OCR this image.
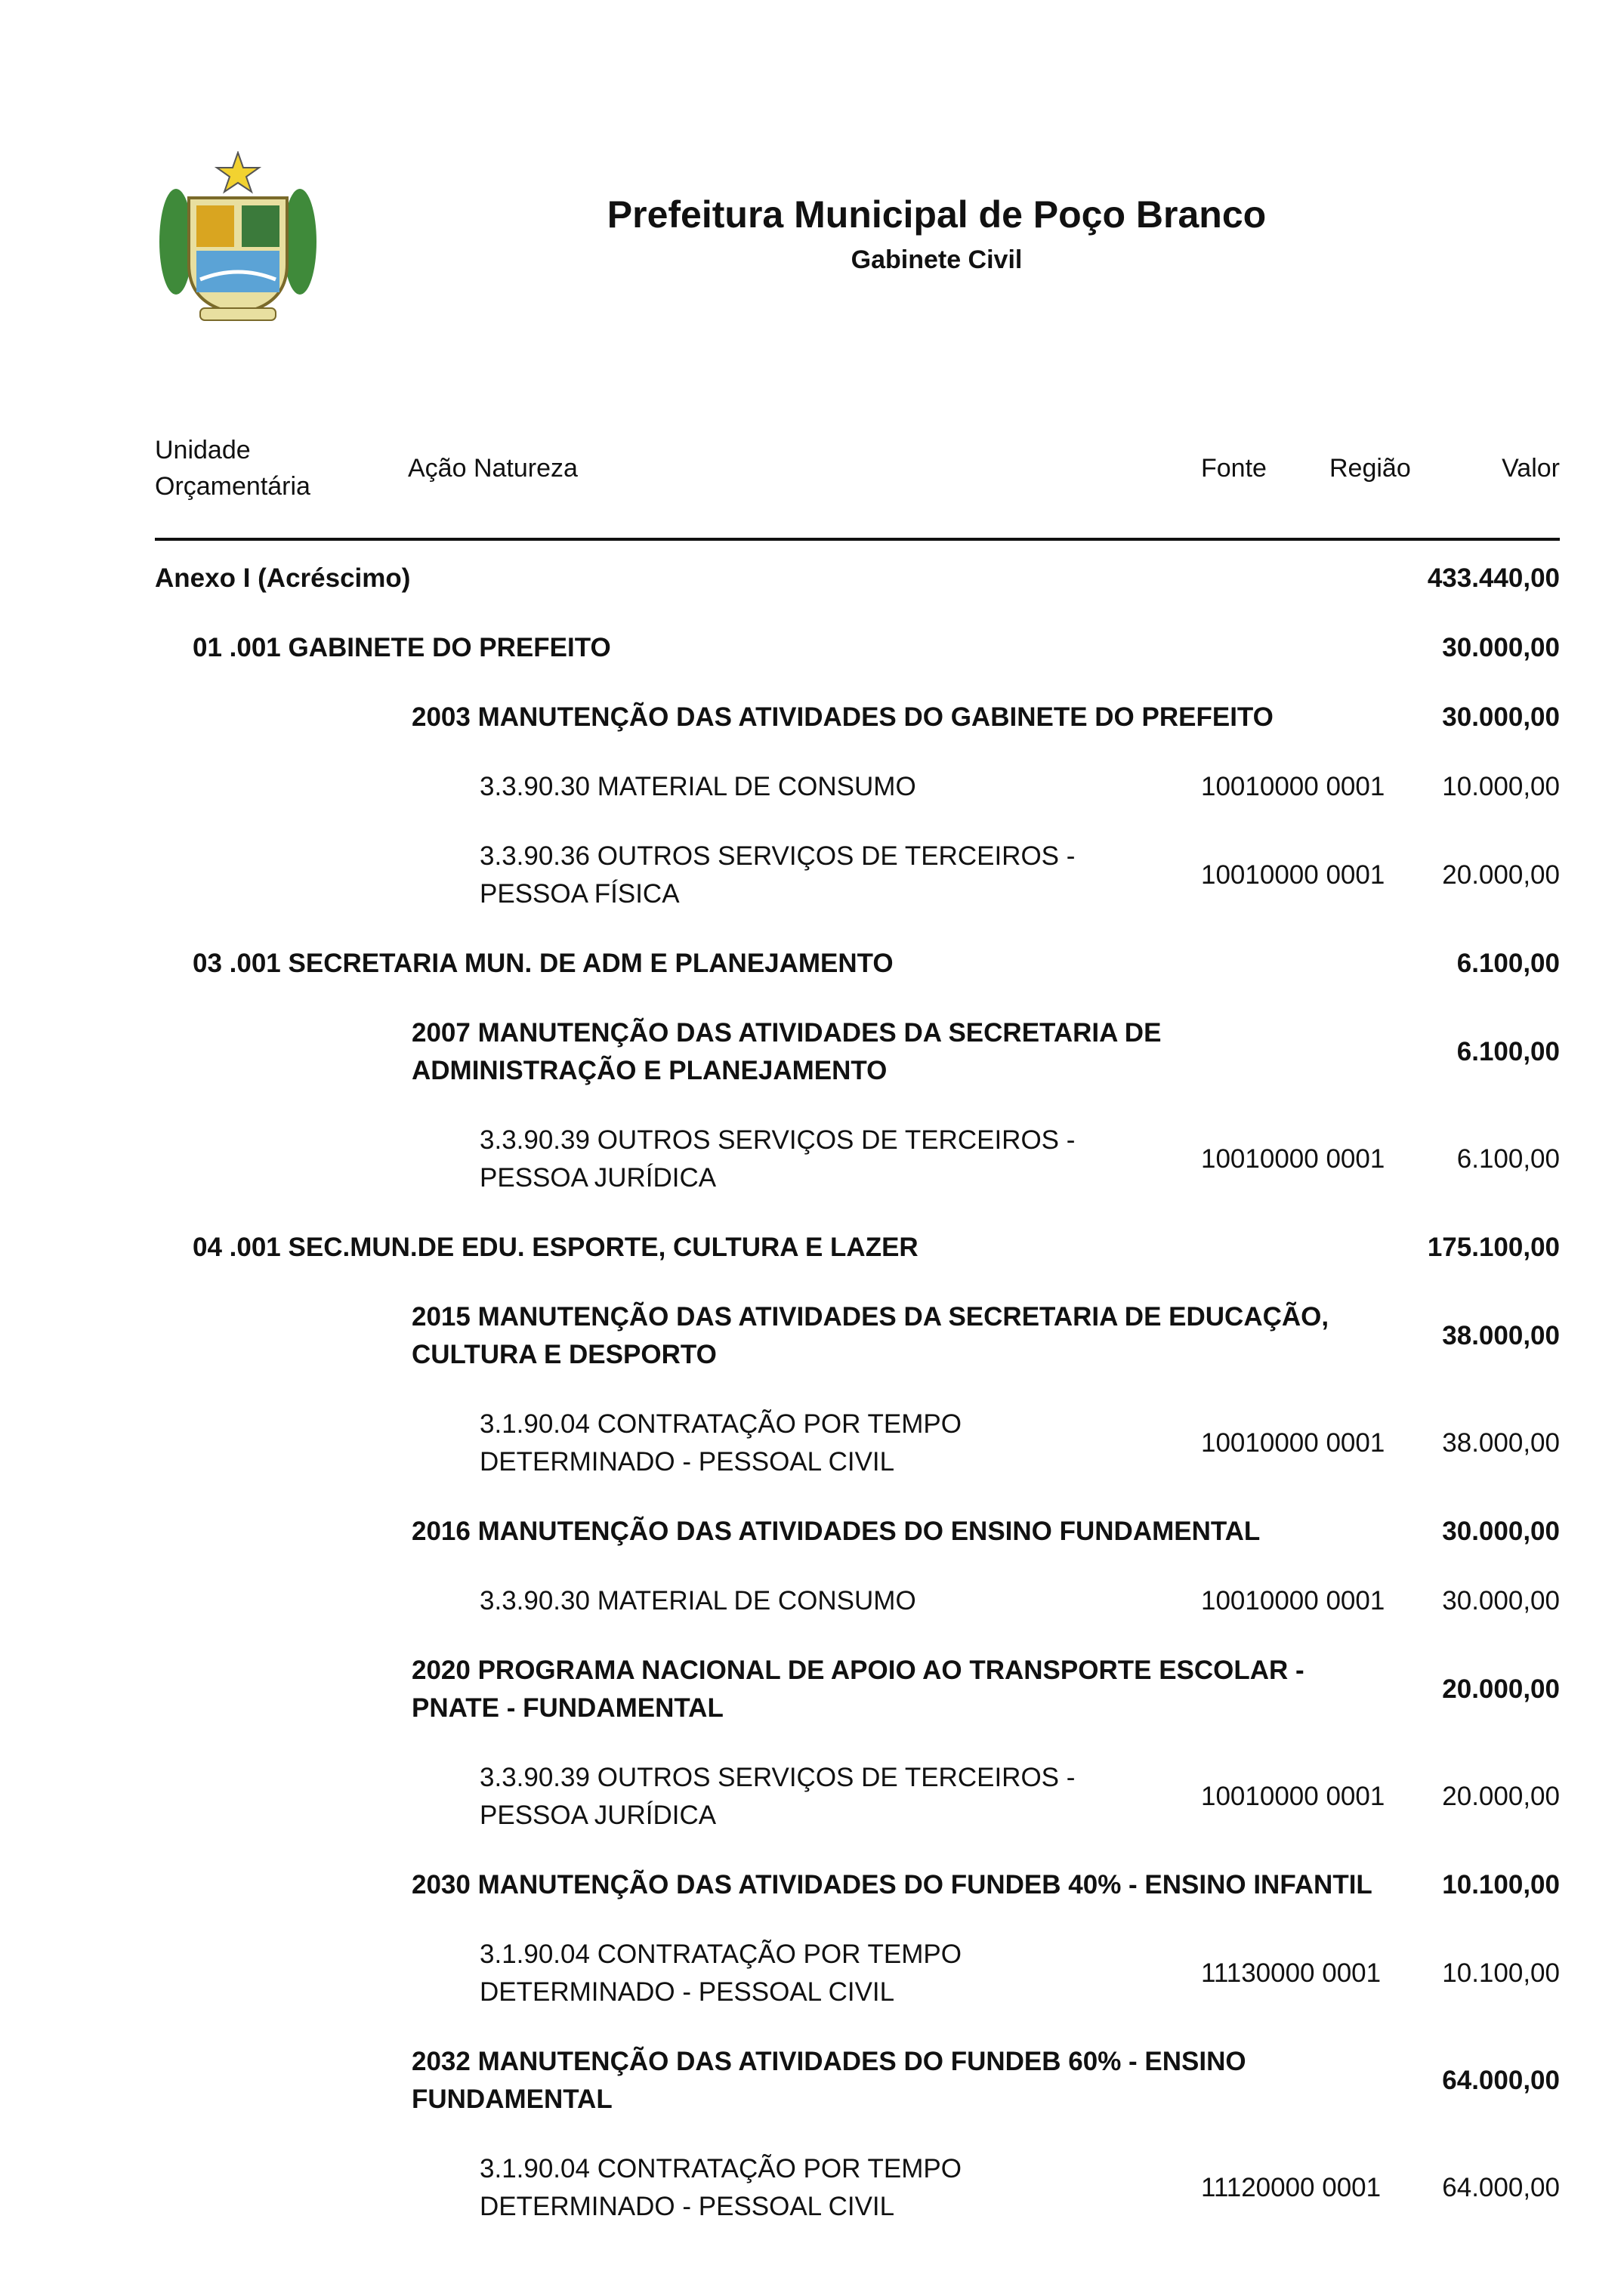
Prefeitura Municipal de Poço Branco
Gabinete Civil
Unidade
Orçamentária
Ação Natureza	Fonte Região	Valor
Anexo I (Acréscimo)	433.440,00
01 .001 GABINETE DO PREFEITO	30.000,00
2003 MANUTENÇÃO DAS ATIVIDADES DO GABINETE DO PREFEITO	30.000,00
3.3.90.30 MATERIAL DE CONSUMO	10010000 0001 10.000,00
3.3.90.36 OUTROS SERVIÇOS DE TERCEIROS -
PESSOA FÍSICA
10010000 0001 20.000,00
03 .001 SECRETARIA MUN. DE ADM E PLANEJAMENTO	6.100,00
2007 MANUTENÇÃO DAS ATIVIDADES DA SECRETARIA DE
ADMINISTRAÇÃO E PLANEJAMENTO
6.100,00
3.3.90.39 OUTROS SERVIÇOS DE TERCEIROS -
PESSOA JURÍDICA
10010000 0001	6.100,00
04 .001 SEC.MUN.DE EDU. ESPORTE, CULTURA E LAZER	175.100,00
2015 MANUTENÇÃO DAS ATIVIDADES DA SECRETARIA DE EDUCAÇÃO,
CULTURA E DESPORTO
38.000,00
3.1.90.04 CONTRATAÇÃO POR TEMPO
DETERMINADO - PESSOAL CIVIL
10010000 0001 38.000,00
2016 MANUTENÇÃO DAS ATIVIDADES DO ENSINO FUNDAMENTAL	30.000,00
3.3.90.30 MATERIAL DE CONSUMO	10010000 0001 30.000,00
2020 PROGRAMA NACIONAL DE APOIO AO TRANSPORTE ESCOLAR -
PNATE - FUNDAMENTAL
20.000,00
3.3.90.39 OUTROS SERVIÇOS DE TERCEIROS -
PESSOA JURÍDICA
10010000 0001 20.000,00
2030 MANUTENÇÃO DAS ATIVIDADES DO FUNDEB 40% - ENSINO INFANTIL	10.100,00
3.1.90.04 CONTRATAÇÃO POR TEMPO
DETERMINADO - PESSOAL CIVIL
11130000 0001 10.100,00
2032 MANUTENÇÃO DAS ATIVIDADES DO FUNDEB 60% - ENSINO
FUNDAMENTAL
64.000,00
3.1.90.04 CONTRATAÇÃO POR TEMPO
DETERMINADO - PESSOAL CIVIL
11120000 0001 64.000,00
